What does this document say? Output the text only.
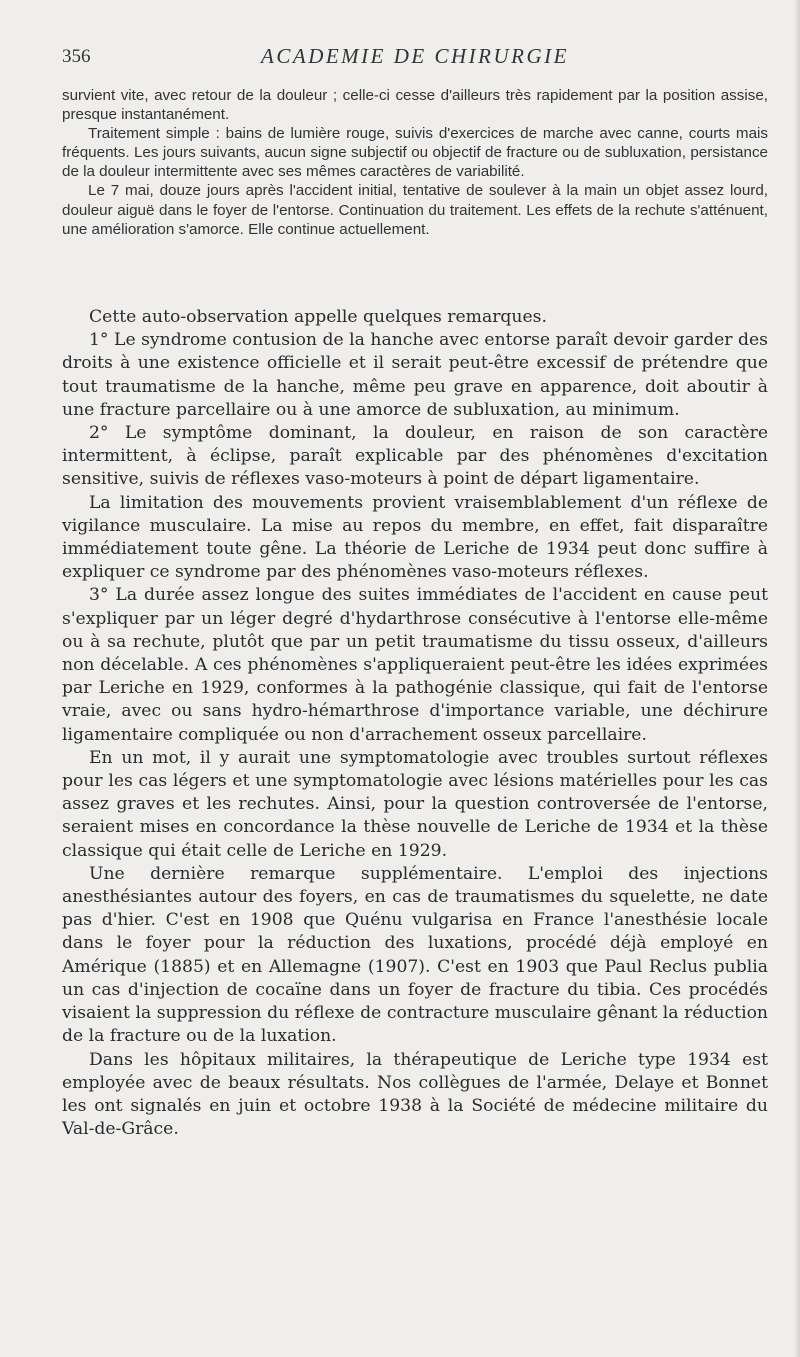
356	ACADEMIE DE CHIRURGIE

survient vite, avec retour de la douleur ; celle-ci cesse d'ailleurs très rapidement par la position assise, presque instantanément.

Traitement simple : bains de lumière rouge, suivis d'exercices de marche avec canne, courts mais fréquents. Les jours suivants, aucun signe subjectif ou objectif de fracture ou de subluxation, persistance de la douleur intermittente avec ses mêmes caractères de variabilité.

Le 7 mai, douze jours après l'accident initial, tentative de soulever à la main un objet assez lourd, douleur aiguë dans le foyer de l'entorse. Continuation du traitement. Les effets de la rechute s'atténuent, une amélioration s'amorce. Elle continue actuellement.

Cette auto-observation appelle quelques remarques.

1° Le syndrome contusion de la hanche avec entorse paraît devoir garder des droits à une existence officielle et il serait peut-être excessif de prétendre que tout traumatisme de la hanche, même peu grave en apparence, doit aboutir à une fracture parcellaire ou à une amorce de subluxation, au minimum.

2° Le symptôme dominant, la douleur, en raison de son caractère intermittent, à éclipse, paraît explicable par des phénomènes d'excitation sensitive, suivis de réflexes vaso-moteurs à point de départ ligamentaire.

La limitation des mouvements provient vraisemblablement d'un réflexe de vigilance musculaire. La mise au repos du membre, en effet, fait disparaître immédiatement toute gêne. La théorie de Leriche de 1934 peut donc suffire à expliquer ce syndrome par des phénomènes vaso-moteurs réflexes.

3° La durée assez longue des suites immédiates de l'accident en cause peut s'expliquer par un léger degré d'hydarthrose consécutive à l'entorse elle-même ou à sa rechute, plutôt que par un petit traumatisme du tissu osseux, d'ailleurs non décelable. A ces phénomènes s'appliqueraient peut-être les idées exprimées par Leriche en 1929, conformes à la pathogénie classique, qui fait de l'entorse vraie, avec ou sans hydro-hémarthrose d'importance variable, une déchirure ligamentaire compliquée ou non d'arrachement osseux parcellaire.

En un mot, il y aurait une symptomatologie avec troubles surtout réflexes pour les cas légers et une symptomatologie avec lésions matérielles pour les cas assez graves et les rechutes. Ainsi, pour la question controversée de l'entorse, seraient mises en concordance la thèse nouvelle de Leriche de 1934 et la thèse classique qui était celle de Leriche en 1929.

Une dernière remarque supplémentaire. L'emploi des injections anesthésiantes autour des foyers, en cas de traumatismes du squelette, ne date pas d'hier. C'est en 1908 que Quénu vulgarisa en France l'anesthésie locale dans le foyer pour la réduction des luxations, procédé déjà employé en Amérique (1885) et en Allemagne (1907). C'est en 1903 que Paul Reclus publia un cas d'injection de cocaïne dans un foyer de fracture du tibia. Ces procédés visaient la suppression du réflexe de contracture musculaire gênant la réduction de la fracture ou de la luxation.

Dans les hôpitaux militaires, la thérapeutique de Leriche type 1934 est employée avec de beaux résultats. Nos collègues de l'armée, Delaye et Bonnet les ont signalés en juin et octobre 1938 à la Société de médecine militaire du Val-de-Grâce.
